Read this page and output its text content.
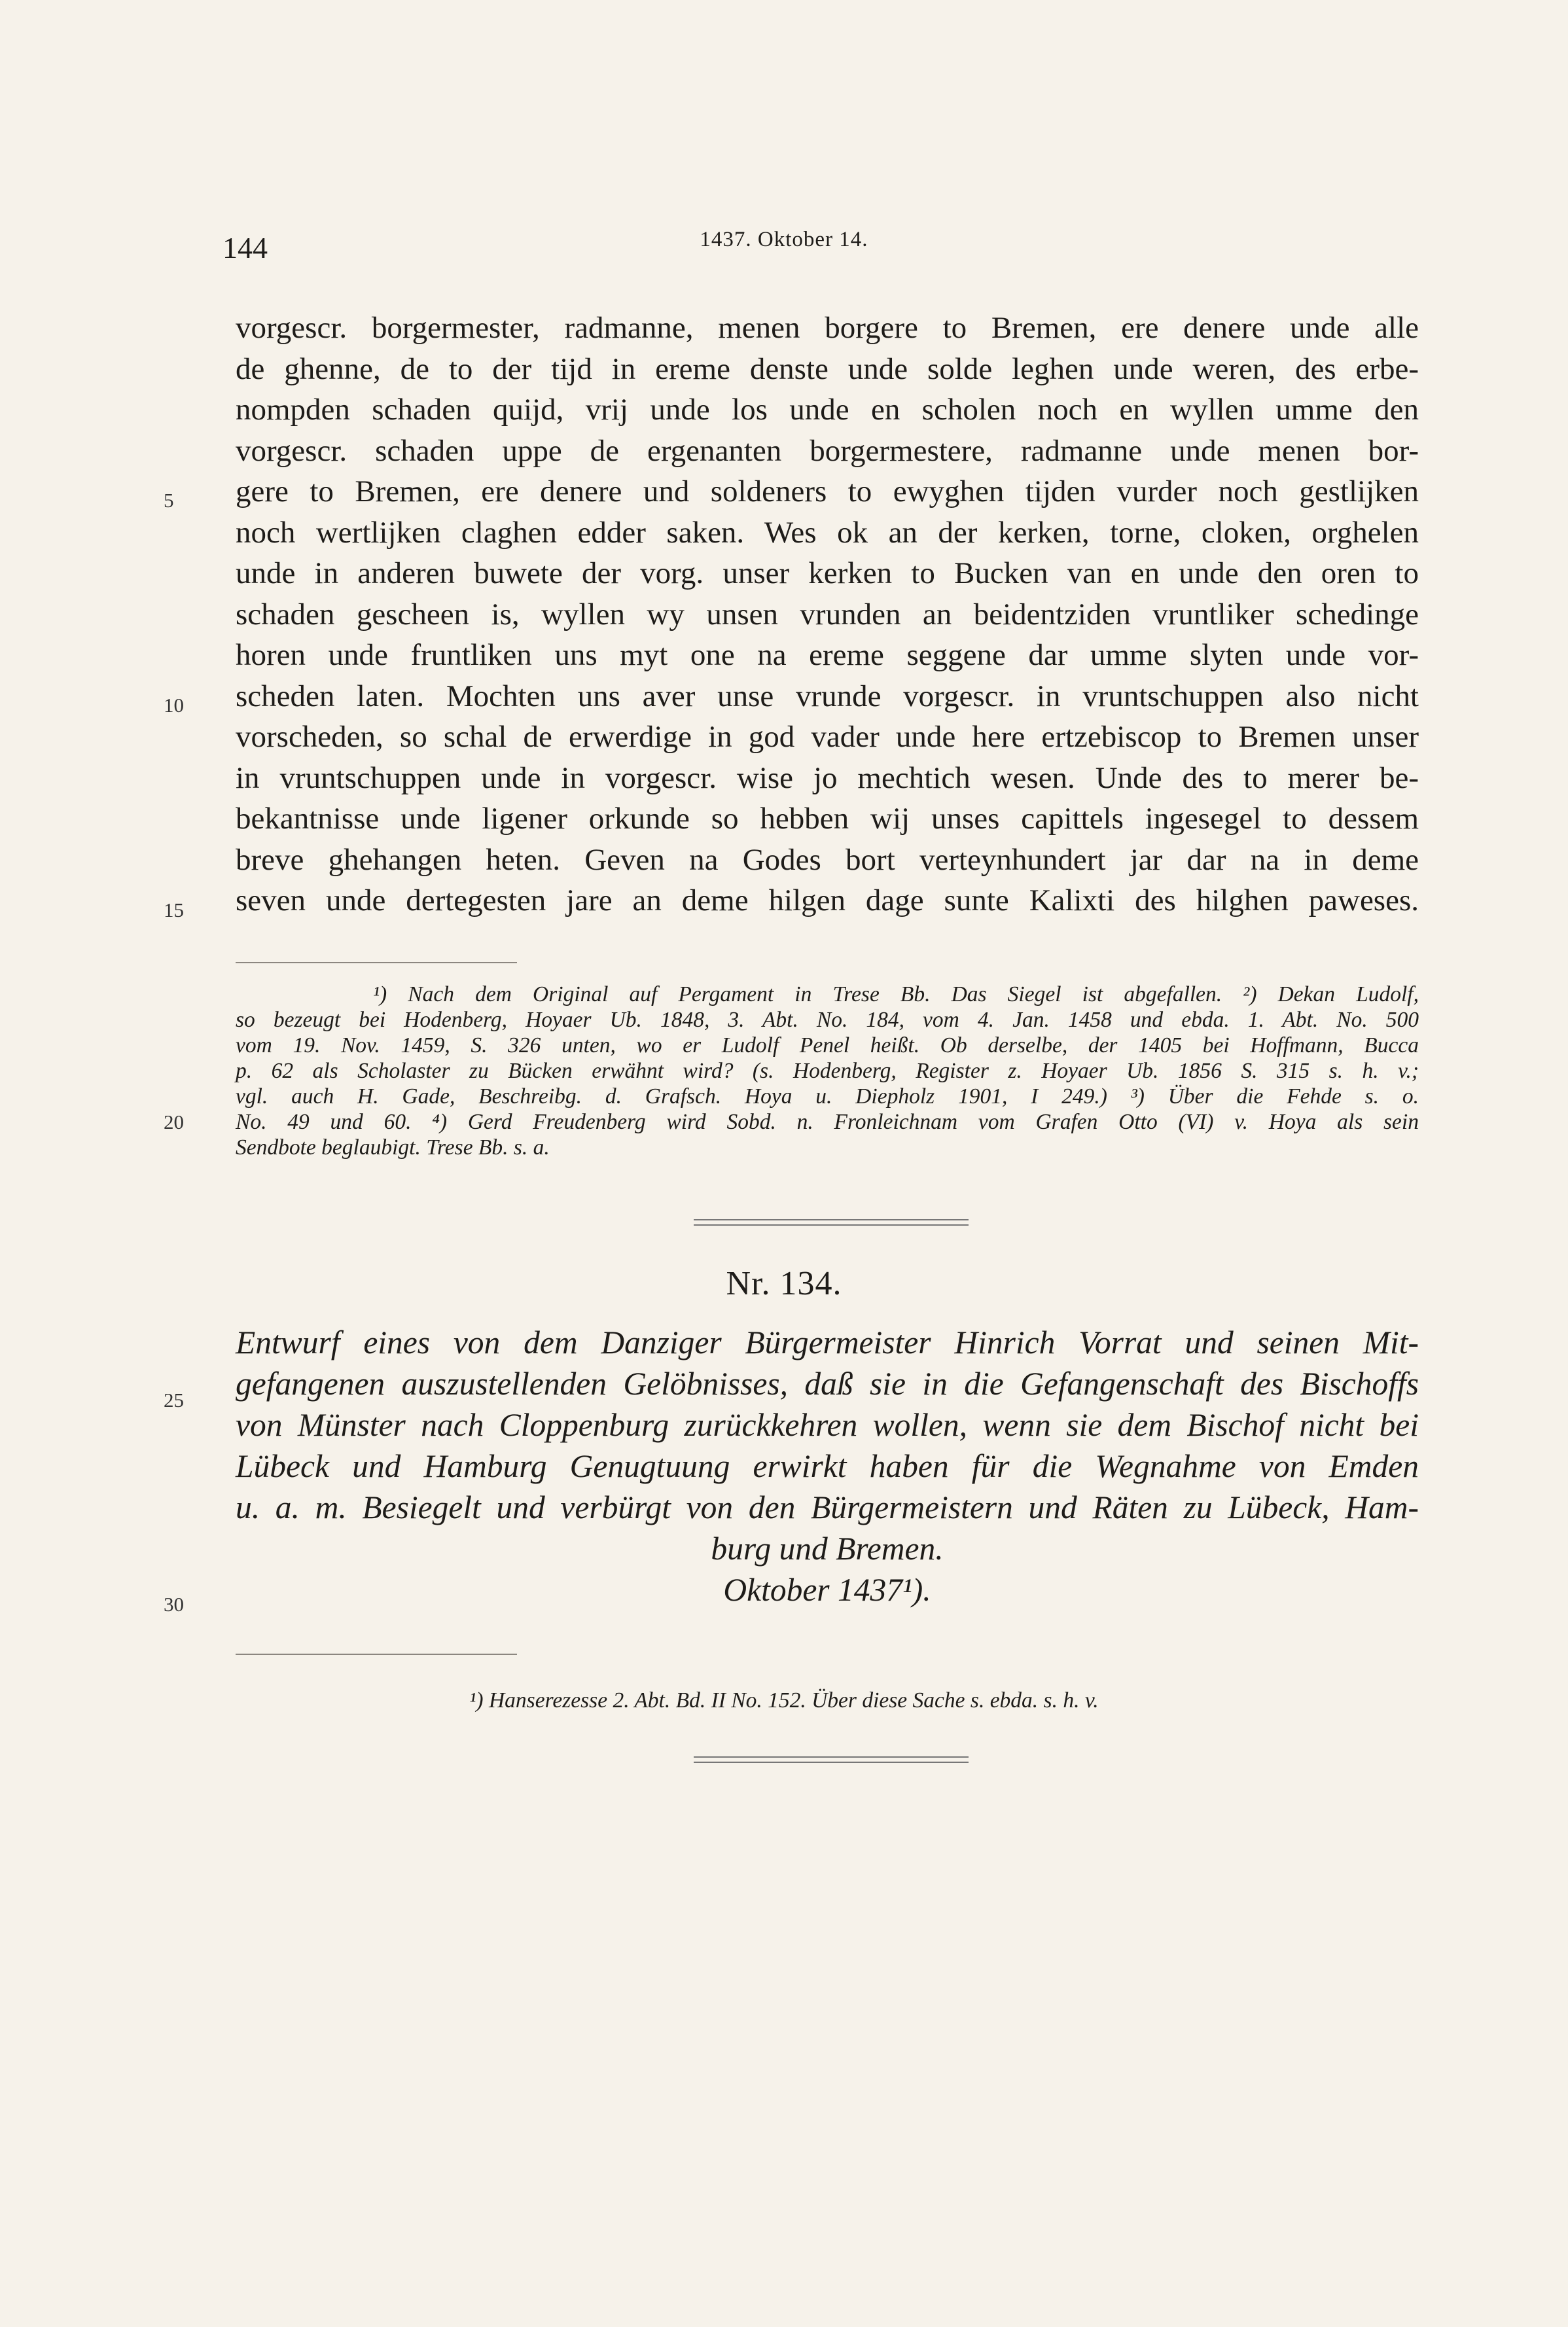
144	1437. Oktober 14.
vorgescr. borgermester, radmanne, menen borgere to Bremen, ere denere unde alle
de ghenne, de to der tijd in ereme denste unde solde leghen unde weren, des erbe-
nompden schaden quijd, vrij unde los unde en scholen noch en wyllen umme den
vorgescr. schaden uppe de ergenanten borgermestere, radmanne unde menen bor-
gere to Bremen, ere denere und soldeners to ewyghen tijden vurder noch gestlijken
noch wertlijken claghen edder saken. Wes ok an der kerken, torne, cloken, orghelen
unde in anderen buwete der vorg. unser kerken to Bucken van en unde den oren to
schaden gescheen is, wyllen wy unsen vrunden an beidentziden vruntliker schedinge
horen unde fruntliken uns myt one na ereme seggene dar umme slyten unde vor-
scheden laten. Mochten uns aver unse vrunde vorgescr. in vruntschuppen also nicht
vorscheden, so schal de erwerdige in god vader unde here ertzebiscop to Bremen unser
in vruntschuppen unde in vorgescr. wise jo mechtich wesen. Unde des to merer be-
bekantnisse unde ligener orkunde so hebben wij unses capittels ingesegel to dessem
breve ghehangen heten. Geven na Godes bort verteynhundert jar dar na in deme
seven unde dertegesten jare an deme hilgen dage sunte Kalixti des hilghen paweses.
5
10
15
20
25
30
¹) Nach dem Original auf Pergament in Trese Bb. Das Siegel ist abgefallen. ²) Dekan Ludolf,
so bezeugt bei Hodenberg, Hoyaer Ub. 1848, 3. Abt. No. 184, vom 4. Jan. 1458 und ebda. 1. Abt. No. 500
vom 19. Nov. 1459, S. 326 unten, wo er Ludolf Penel heißt. Ob derselbe, der 1405 bei Hoffmann, Bucca
p. 62 als Scholaster zu Bücken erwähnt wird? (s. Hodenberg, Register z. Hoyaer Ub. 1856 S. 315 s. h. v.;
vgl. auch H. Gade, Beschreibg. d. Grafsch. Hoya u. Diepholz 1901, I 249.) ³) Über die Fehde s. o.
No. 49 und 60. ⁴) Gerd Freudenberg wird Sobd. n. Fronleichnam vom Grafen Otto (VI) v. Hoya als sein
Sendbote beglaubigt. Trese Bb. s. a.
Nr. 134.
Entwurf eines von dem Danziger Bürgermeister Hinrich Vorrat und seinen Mit-
gefangenen auszustellenden Gelöbnisses, daß sie in die Gefangenschaft des Bischoffs
von Münster nach Cloppenburg zurückkehren wollen, wenn sie dem Bischof nicht bei
Lübeck und Hamburg Genugtuung erwirkt haben für die Wegnahme von Emden
u. a. m. Besiegelt und verbürgt von den Bürgermeistern und Räten zu Lübeck, Ham-
burg und Bremen.
Oktober 1437¹).
¹) Hanserezesse 2. Abt. Bd. II No. 152. Über diese Sache s. ebda. s. h. v.
